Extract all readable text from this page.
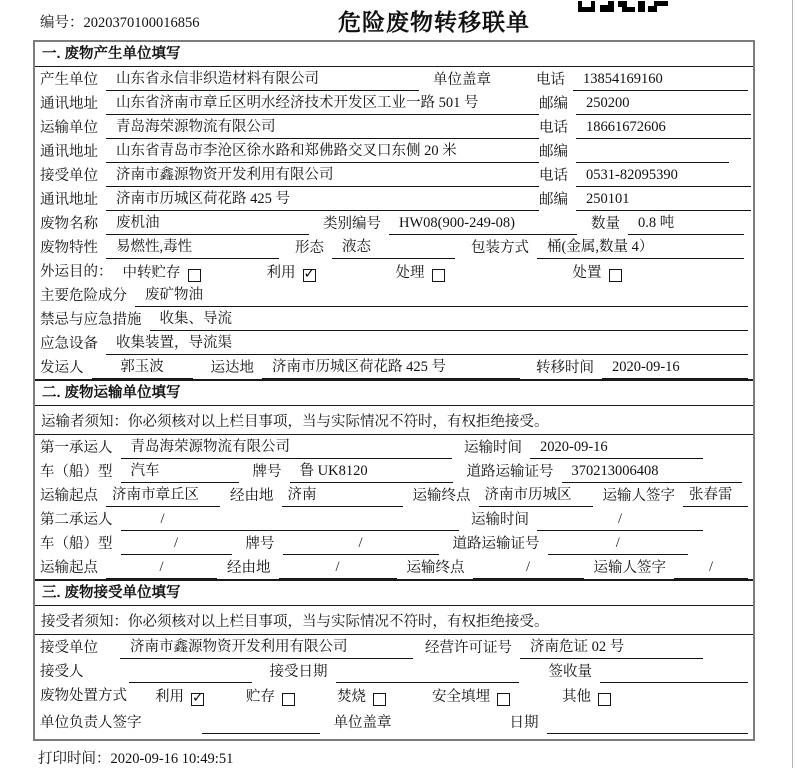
编号：2020370100016856	危险废物转移联单
一. 废物产生单位填写
产生单位	山东省永信非织造材料有限公司	单位盖章	电话	13854169160
通讯地址	山东省济南市章丘区明水经济技术开发区工业一路 501 号	邮编	250200
运输单位	青岛海荣源物流有限公司	电话	18661672606
通讯地址	山东省青岛市李沧区徐水路和郑佛路交叉口东侧 20 米	邮编
接受单位	济南市鑫源物资开发利用有限公司	电话	0531-82095390
通讯地址	济南市历城区荷花路 425 号	邮编	250101
废物名称	废机油	类别编号	HW08(900-249-08)	数量	0.8 吨
废物特性	易燃性,毒性	形态	液态	包装方式	桶(金属,数量 4）
外运目的： 中转贮存	利用 ✓	处理	处置
主要危险成分	废矿物油
禁忌与应急措施	收集、导流
应急设备	收集装置，导流渠
发运人	郭玉波	运达地	济南市历城区荷花路 425 号	转移时间	2020-09-16
二. 废物运输单位填写
运输者须知： 你必须核对以上栏目事项，当与实际情况不符时，有权拒绝接受。
第一承运人	青岛海荣源物流有限公司	运输时间	2020-09-16
车（船）型	汽车	牌号	鲁 UK8120	道路运输证号	370213006408
运输起点 济南市章丘区	经由地 济南	运输终点 济南市历城区	运输人签字 张春雷
第二承运人	/	运输时间	/
车（船）型	/	牌号	/	道路运输证号	/
运输起点	/	经由地	/	运输终点	/	运输人签字	/
三. 废物接受单位填写
接受者须知： 你必须核对以上栏目事项，当与实际情况不符时，有权拒绝接受。
接受单位	济南市鑫源物资开发利用有限公司	经营许可证号	济南危证 02 号
接受人	接受日期	签收量
废物处置方式 利用 ✓	贮存	焚烧	安全填埋	其他
单位负责人签字	单位盖章	日期
打印时间：2020-09-16 10:49:51
